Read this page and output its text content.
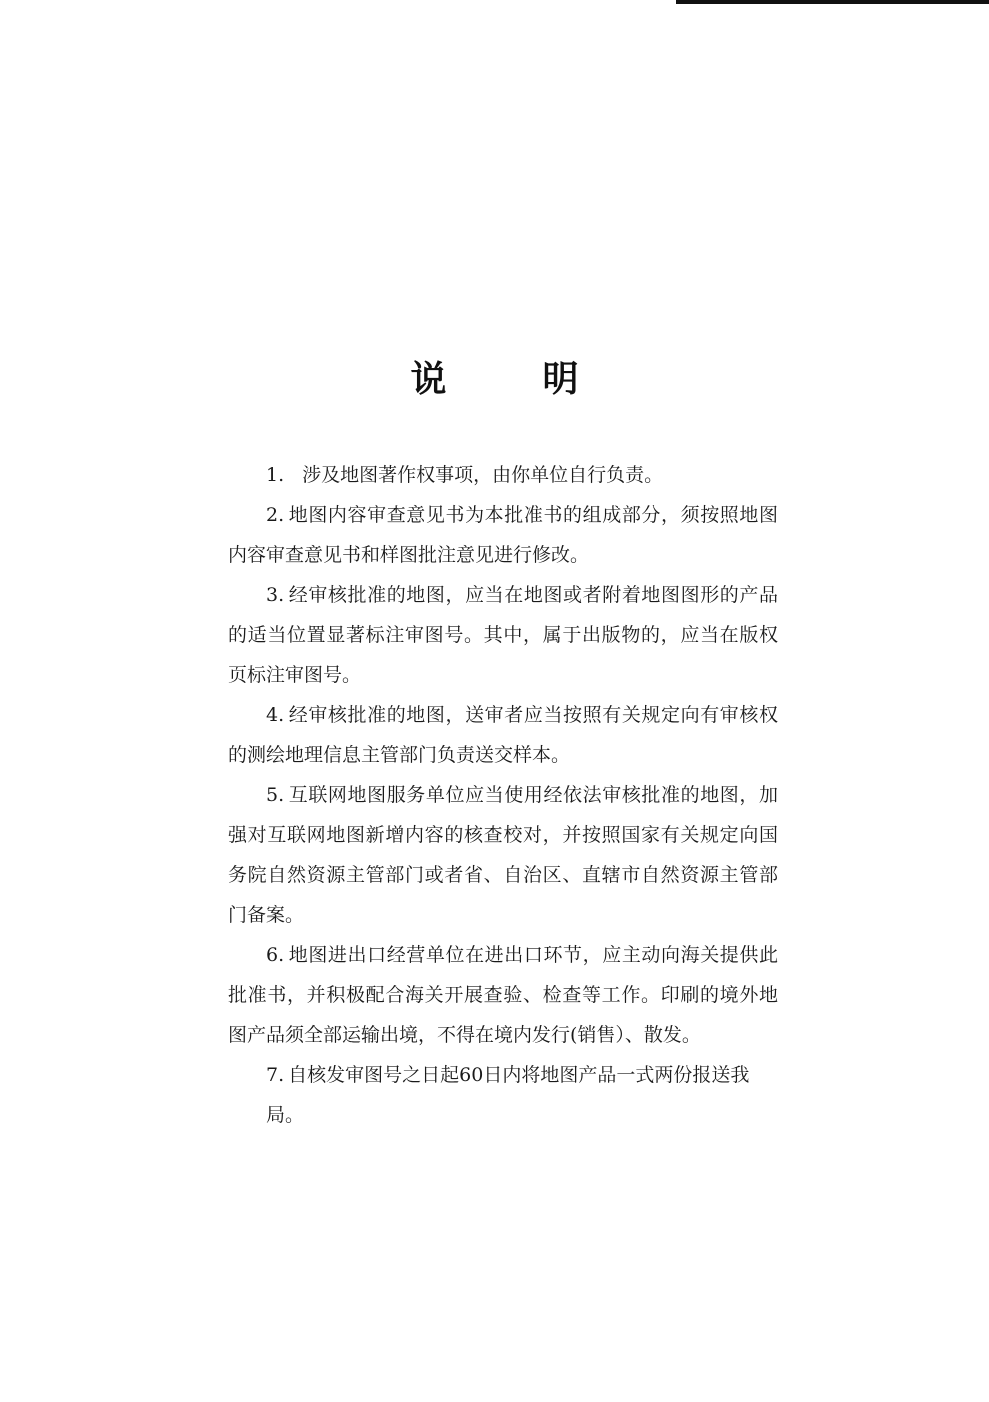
说　明

1. 涉及地图著作权事项，由你单位自行负责。

2. 地图内容审查意见书为本批准书的组成部分，须按照地图内容审查意见书和样图批注意见进行修改。

3. 经审核批准的地图，应当在地图或者附着地图图形的产品的适当位置显著标注审图号。其中，属于出版物的，应当在版权页标注审图号。

4. 经审核批准的地图，送审者应当按照有关规定向有审核权的测绘地理信息主管部门负责送交样本。

5. 互联网地图服务单位应当使用经依法审核批准的地图，加强对互联网地图新增内容的核查校对，并按照国家有关规定向国务院自然资源主管部门或者省、自治区、直辖市自然资源主管部门备案。

6. 地图进出口经营单位在进出口环节，应主动向海关提供此批准书，并积极配合海关开展查验、检查等工作。印刷的境外地图产品须全部运输出境，不得在境内发行(销售）、散发。

7. 自核发审图号之日起60日内将地图产品一式两份报送我
局。
